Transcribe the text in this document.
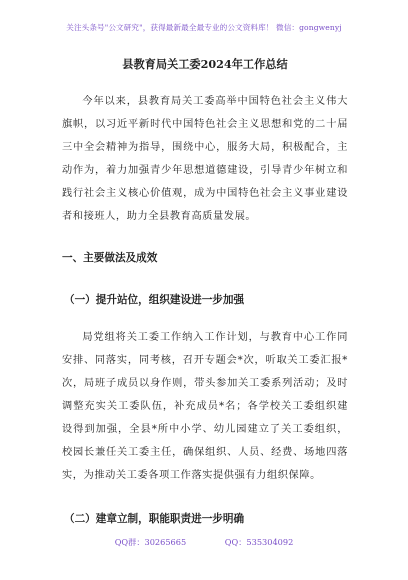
关注头条号"公文研究"，获得最新最全最专业的公文资料库！ 微信：gongwenyj

县教育局关工委2024年工作总结

今年以来，县教育局关工委高举中国特色社会主义伟大旗帜，以习近平新时代中国特色社会主义思想和党的二十届三中全会精神为指导，围绕中心，服务大局，积极配合，主动作为，着力加强青少年思想道德建设，引导青少年树立和践行社会主义核心价值观，成为中国特色社会主义事业建设者和接班人，助力全县教育高质量发展。

一、主要做法及成效

（一）提升站位，组织建设进一步加强

局党组将关工委工作纳入工作计划，与教育中心工作同安排、同落实，同考核，召开专题会*次，听取关工委汇报*次，局班子成员以身作则，带头参加关工委系列活动；及时调整充实关工委队伍，补充成员*名；各学校关工委组织建设得到加强，全县*所中小学、幼儿园建立了关工委组织，校园长兼任关工委主任，确保组织、人员、经费、场地四落实，为推动关工委各项工作落实提供强有力组织保障。

（二）建章立制，职能职责进一步明确

QQ群：30265665	QQ：535304092
